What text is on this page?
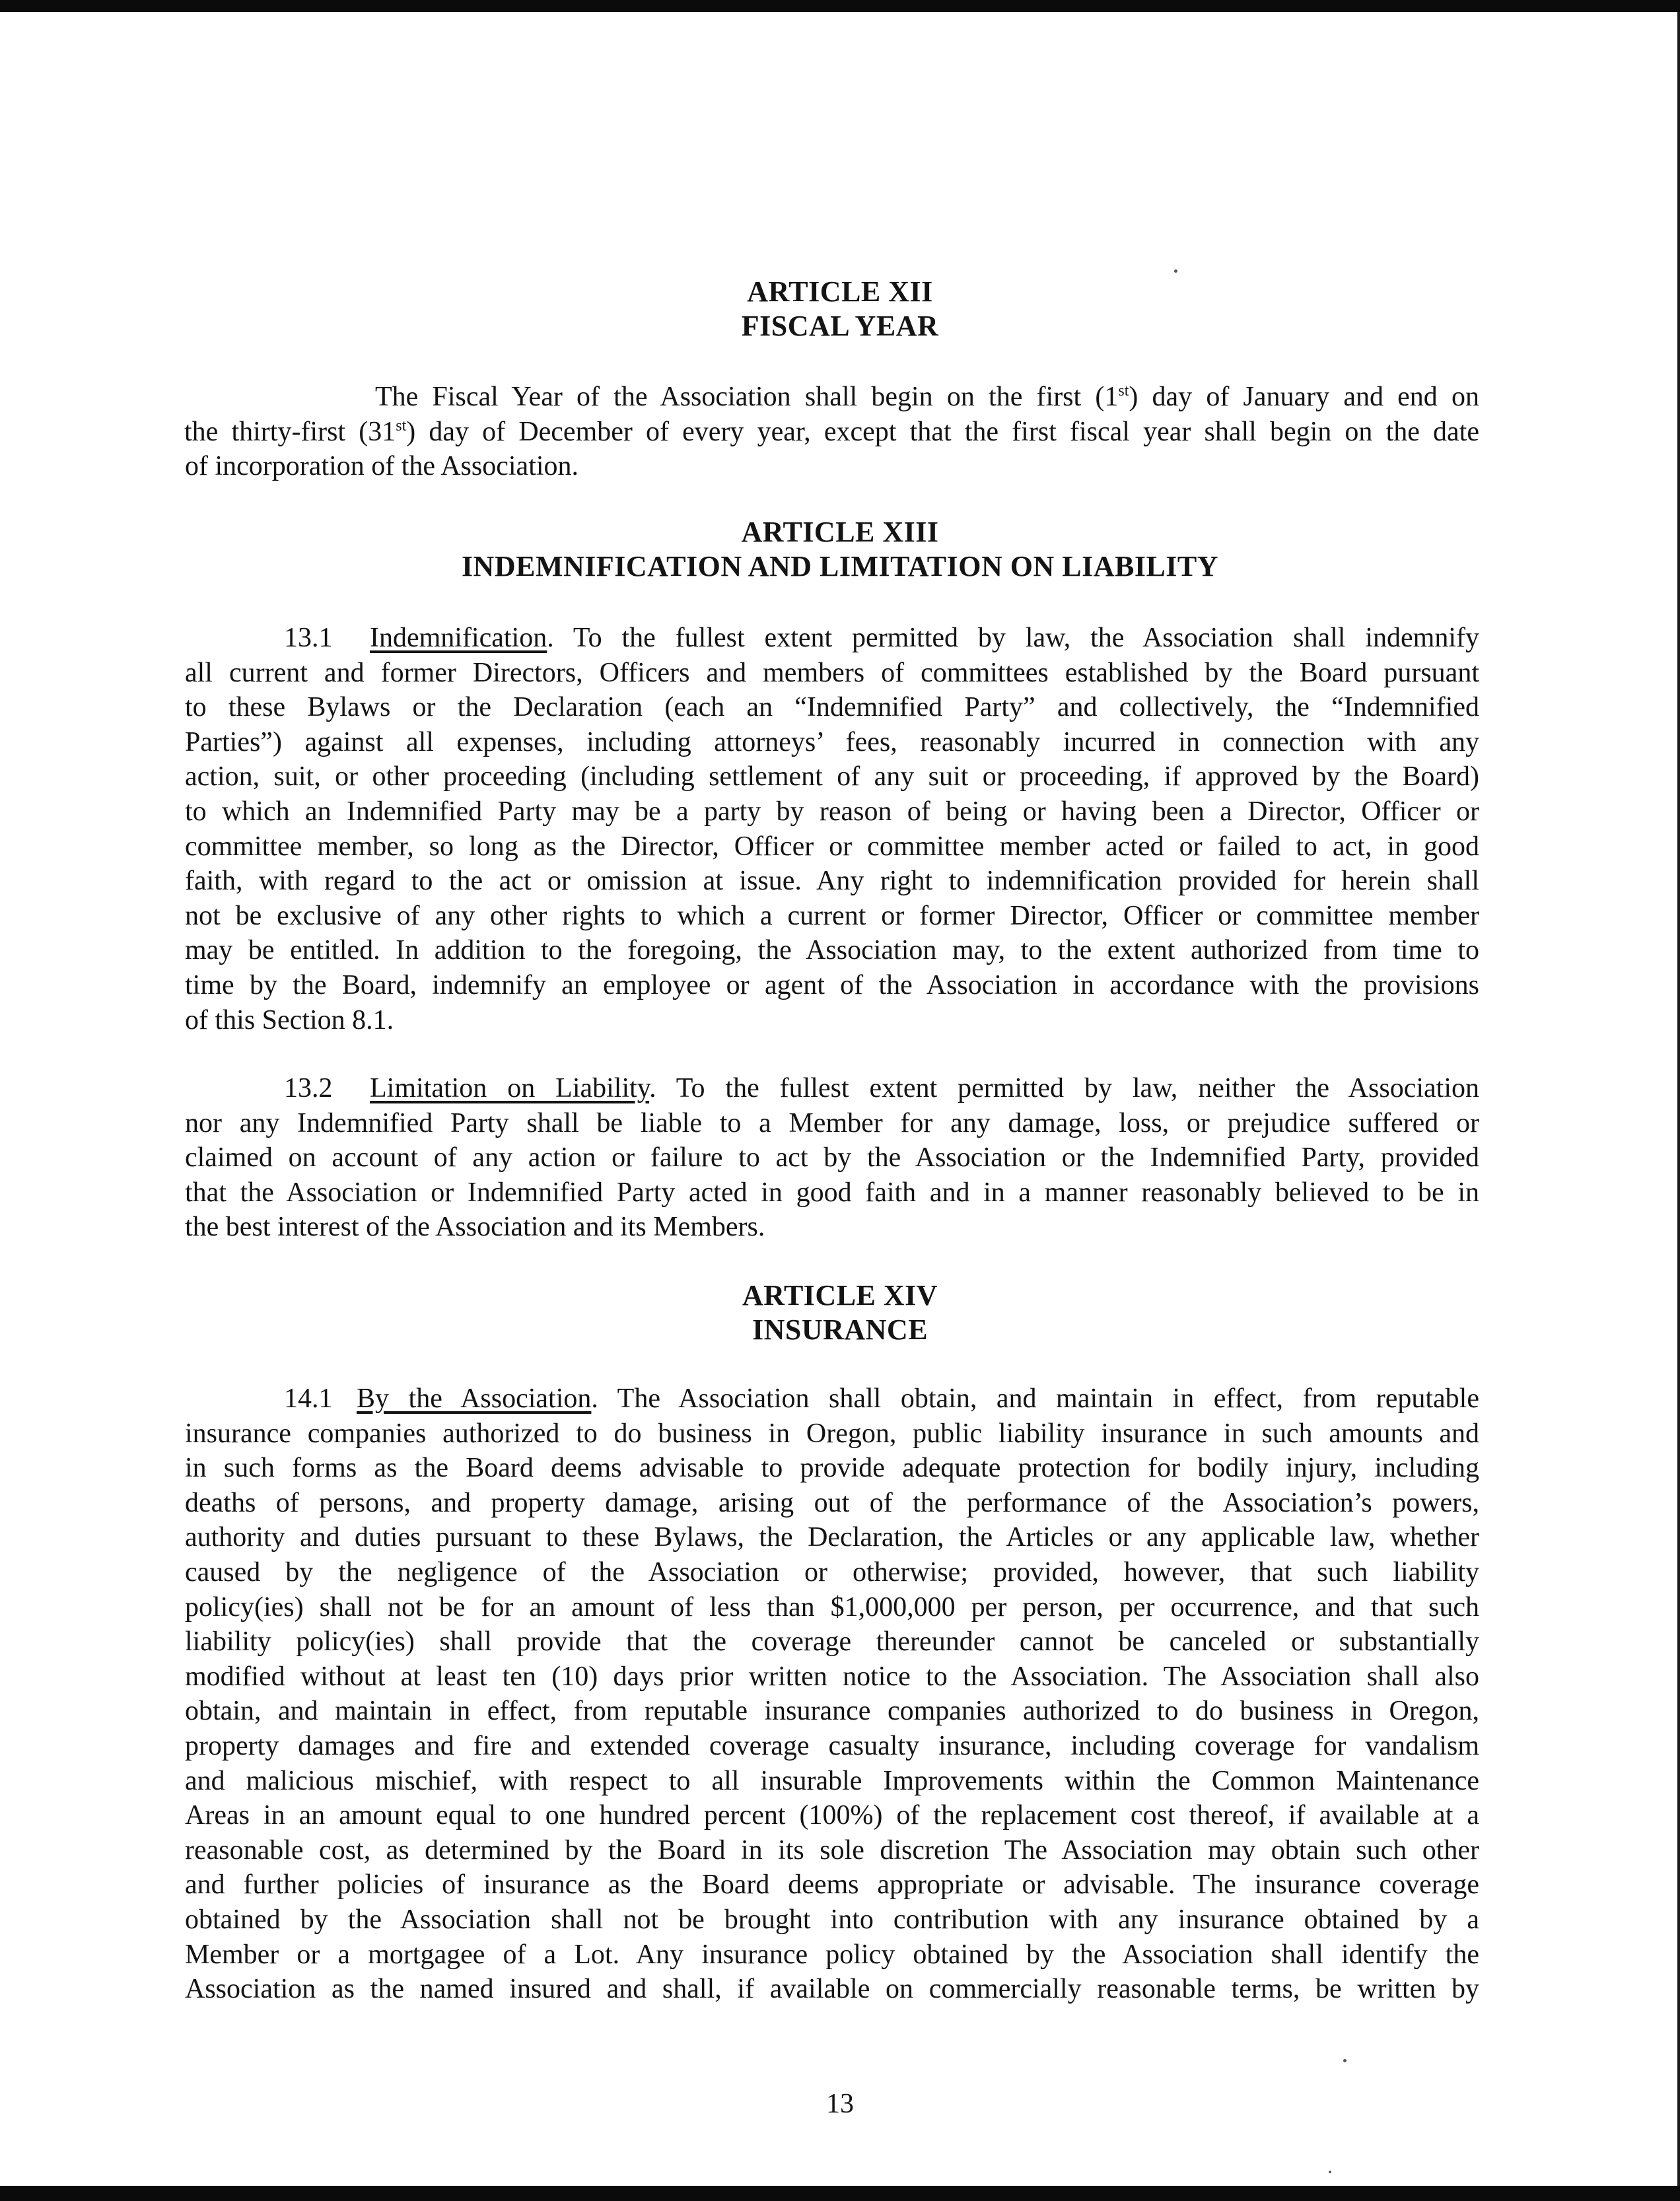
ARTICLE XII
FISCAL YEAR
The Fiscal Year of the Association shall begin on the first (1st) day of January and end on
the thirty-first (31st) day of December of every year, except that the first fiscal year shall begin on the date
of incorporation of the Association.
ARTICLE XIII
INDEMNIFICATION AND LIMITATION ON LIABILITY
13.1 Indemnification. To the fullest extent permitted by law, the Association shall indemnify
all current and former Directors, Officers and members of committees established by the Board pursuant
to these Bylaws or the Declaration (each an “Indemnified Party” and collectively, the “Indemnified
Parties”) against all expenses, including attorneys’ fees, reasonably incurred in connection with any
action, suit, or other proceeding (including settlement of any suit or proceeding, if approved by the Board)
to which an Indemnified Party may be a party by reason of being or having been a Director, Officer or
committee member, so long as the Director, Officer or committee member acted or failed to act, in good
faith, with regard to the act or omission at issue. Any right to indemnification provided for herein shall
not be exclusive of any other rights to which a current or former Director, Officer or committee member
may be entitled. In addition to the foregoing, the Association may, to the extent authorized from time to
time by the Board, indemnify an employee or agent of the Association in accordance with the provisions
of this Section 8.1.
13.2 Limitation on Liability. To the fullest extent permitted by law, neither the Association
nor any Indemnified Party shall be liable to a Member for any damage, loss, or prejudice suffered or
claimed on account of any action or failure to act by the Association or the Indemnified Party, provided
that the Association or Indemnified Party acted in good faith and in a manner reasonably believed to be in
the best interest of the Association and its Members.
ARTICLE XIV
INSURANCE
14.1 By the Association. The Association shall obtain, and maintain in effect, from reputable
insurance companies authorized to do business in Oregon, public liability insurance in such amounts and
in such forms as the Board deems advisable to provide adequate protection for bodily injury, including
deaths of persons, and property damage, arising out of the performance of the Association’s powers,
authority and duties pursuant to these Bylaws, the Declaration, the Articles or any applicable law, whether
caused by the negligence of the Association or otherwise; provided, however, that such liability
policy(ies) shall not be for an amount of less than $1,000,000 per person, per occurrence, and that such
liability policy(ies) shall provide that the coverage thereunder cannot be canceled or substantially
modified without at least ten (10) days prior written notice to the Association. The Association shall also
obtain, and maintain in effect, from reputable insurance companies authorized to do business in Oregon,
property damages and fire and extended coverage casualty insurance, including coverage for vandalism
and malicious mischief, with respect to all insurable Improvements within the Common Maintenance
Areas in an amount equal to one hundred percent (100%) of the replacement cost thereof, if available at a
reasonable cost, as determined by the Board in its sole discretion The Association may obtain such other
and further policies of insurance as the Board deems appropriate or advisable. The insurance coverage
obtained by the Association shall not be brought into contribution with any insurance obtained by a
Member or a mortgagee of a Lot. Any insurance policy obtained by the Association shall identify the
Association as the named insured and shall, if available on commercially reasonable terms, be written by
13
